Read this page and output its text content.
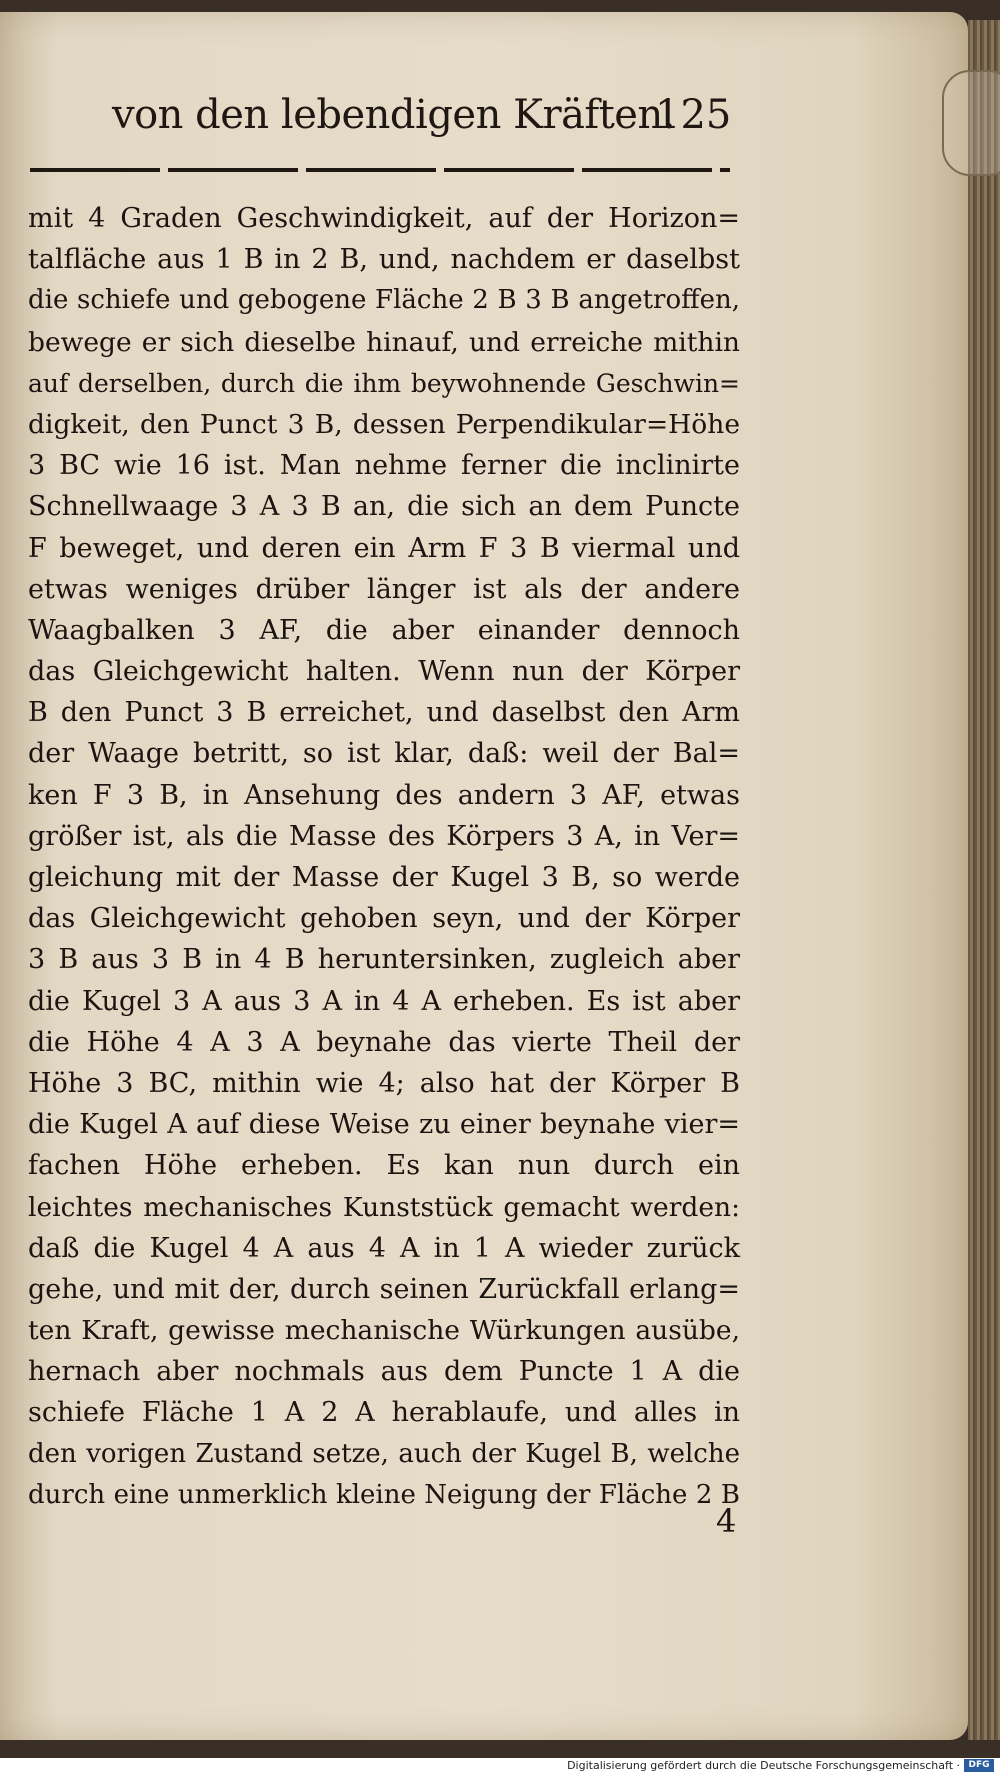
von den lebendigen Kräften.
125
mit 4 Graden Geschwindigkeit, auf der Horizon=
talfläche aus 1 B in 2 B, und, nachdem er daselbst
die schiefe und gebogene Fläche 2 B 3 B angetroffen,
bewege er sich dieselbe hinauf, und erreiche mithin
auf derselben, durch die ihm beywohnende Geschwin=
digkeit, den Punct 3 B, dessen Perpendikular=Höhe
3 BC wie 16 ist. Man nehme ferner die inclinirte
Schnellwaage 3 A 3 B an, die sich an dem Puncte
F beweget, und deren ein Arm F 3 B viermal und
etwas weniges drüber länger ist als der andere
Waagbalken 3 AF, die aber einander dennoch
das Gleichgewicht halten. Wenn nun der Körper
B den Punct 3 B erreichet, und daselbst den Arm
der Waage betritt, so ist klar, daß: weil der Bal=
ken F 3 B, in Ansehung des andern 3 AF, etwas
größer ist, als die Masse des Körpers 3 A, in Ver=
gleichung mit der Masse der Kugel 3 B, so werde
das Gleichgewicht gehoben seyn, und der Körper
3 B aus 3 B in 4 B heruntersinken, zugleich aber
die Kugel 3 A aus 3 A in 4 A erheben. Es ist aber
die Höhe 4 A 3 A beynahe das vierte Theil der
Höhe 3 BC, mithin wie 4; also hat der Körper B
die Kugel A auf diese Weise zu einer beynahe vier=
fachen Höhe erheben. Es kan nun durch ein
leichtes mechanisches Kunststück gemacht werden:
daß die Kugel 4 A aus 4 A in 1 A wieder zurück
gehe, und mit der, durch seinen Zurückfall erlang=
ten Kraft, gewisse mechanische Würkungen ausübe,
hernach aber nochmals aus dem Puncte 1 A die
schiefe Fläche 1 A 2 A herablaufe, und alles in
den vorigen Zustand setze, auch der Kugel B, welche
durch eine unmerklich kleine Neigung der Fläche 2 B
4
Digitalisierung gefördert durch die Deutsche Forschungsgemeinschaft · DFG
